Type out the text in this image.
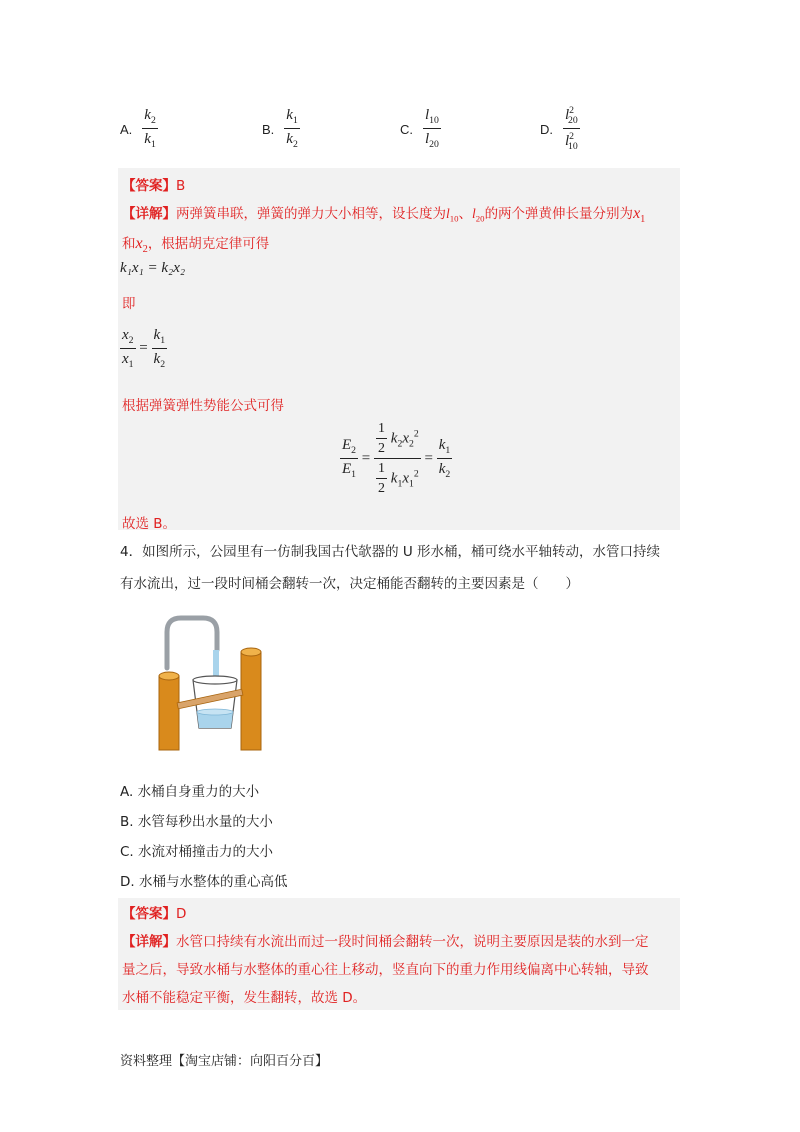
A. $\frac{k_2}{k_1}$	B. $\frac{k_1}{k_2}$	C. $\frac{l_{10}}{l_{20}}$	D. $\frac{l^2_{20}}{l^2_{10}}$
【答案】B
【详解】两弹簧串联，弹簧的弹力大小相等，设长度为$l_{10}$、$l_{20}$的两个弹黄伸长量分别为$x_1$
和$x_2$，根据胡克定律可得
k₁x₁ = k₂x₂
即
$\frac{x_2}{x_1} = \frac{k_1}{k_2}$
根据弹簧弹性势能公式可得
$\frac{E_2}{E_1} = \frac{\frac{1}{2} k_2x_2^2}{\frac{1}{2} k_1x_1^2} = \frac{k_1}{k_2}$
故选 B。
4．如图所示，公园里有一仿制我国古代欹器的 U 形水桶，桶可绕水平轴转动，水管口持续
有水流出，过一段时间桶会翻转一次，决定桶能否翻转的主要因素是（　　）
A. 水桶自身重力的大小
B. 水管每秒出水量的大小
C. 水流对桶撞击力的大小
D. 水桶与水整体的重心高低
【答案】D
【详解】水管口持续有水流出而过一段时间桶会翻转一次，说明主要原因是装的水到一定
量之后，导致水桶与水整体的重心往上移动，竖直向下的重力作用线偏离中心转轴，导致
水桶不能稳定平衡，发生翻转，故选 D。
资料整理【淘宝店铺：向阳百分百】
